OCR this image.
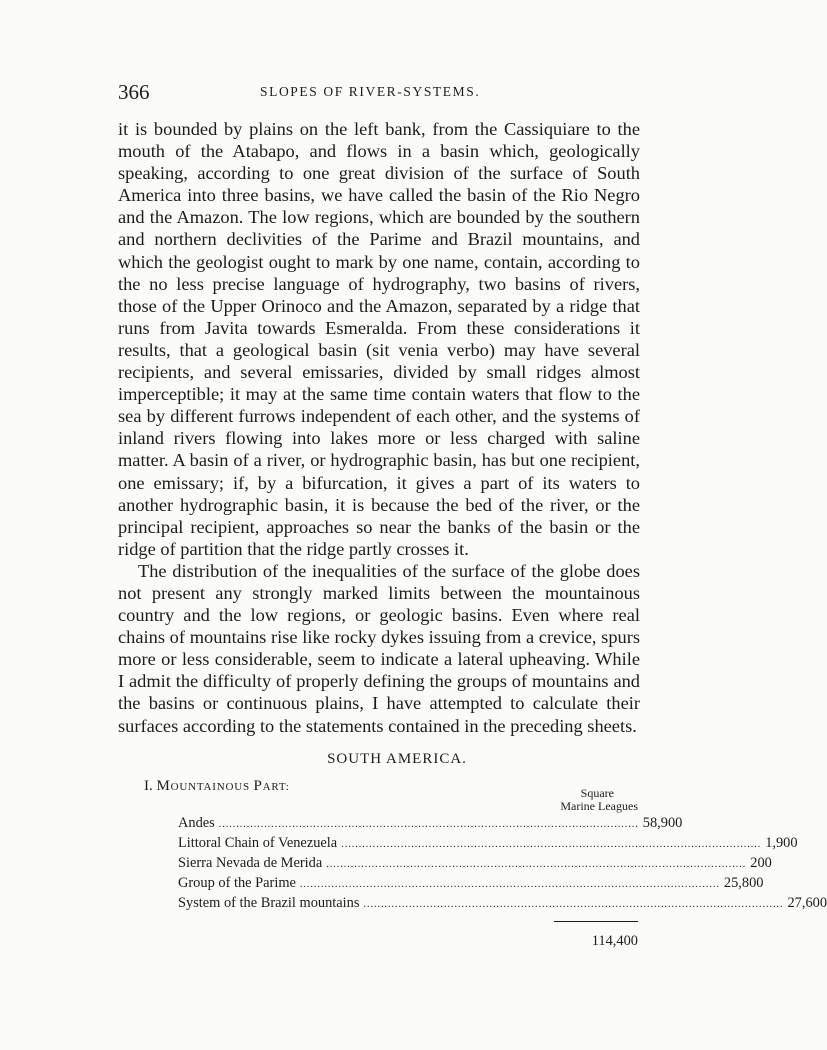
366	SLOPES OF RIVER-SYSTEMS.

it is bounded by plains on the left bank, from the Cassiquiare to the mouth of the Atabapo, and flows in a basin which, geologically speaking, according to one great division of the surface of South America into three basins, we have called the basin of the Rio Negro and the Amazon. The low regions, which are bounded by the southern and northern declivities of the Parime and Brazil mountains, and which the geologist ought to mark by one name, contain, according to the no less precise language of hydrography, two basins of rivers, those of the Upper Orinoco and the Amazon, separated by a ridge that runs from Javita towards Esmeralda. From these considerations it results, that a geological basin (sit venia verbo) may have several recipients, and several emissaries, divided by small ridges almost imperceptible; it may at the same time contain waters that flow to the sea by different furrows independent of each other, and the systems of inland rivers flowing into lakes more or less charged with saline matter. A basin of a river, or hydrographic basin, has but one recipient, one emissary; if, by a bifurcation, it gives a part of its waters to another hydrographic basin, it is because the bed of the river, or the principal recipient, approaches so near the banks of the basin or the ridge of partition that the ridge partly crosses it.

The distribution of the inequalities of the surface of the globe does not present any strongly marked limits between the mountainous country and the low regions, or geologic basins. Even where real chains of mountains rise like rocky dykes issuing from a crevice, spurs more or less considerable, seem to indicate a lateral upheaving. While I admit the difficulty of properly defining the groups of mountains and the basins or continuous plains, I have attempted to calculate their surfaces according to the statements contained in the preceding sheets.

SOUTH AMERICA.
I. MOUNTAINOUS PART:	Square
Marine Leagues
Andes ........................................................................................................................ 58,900
Littoral Chain of Venezuela ........................................................................................................................ 1,900
Sierra Nevada de Merida ........................................................................................................................ 200
Group of the Parime ........................................................................................................................ 25,800
System of the Brazil mountains ........................................................................................................................ 27,600
114,400
